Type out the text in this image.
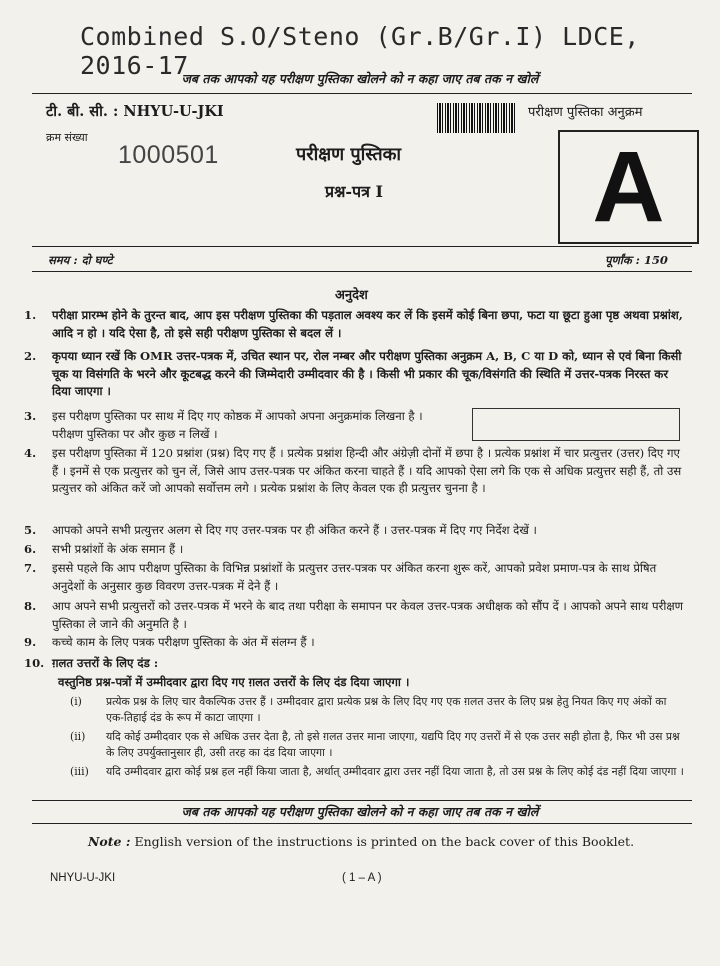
Combined S.O/Steno (Gr.B/Gr.I) LDCE, 2016-17
जब तक आपको यह परीक्षण पुस्तिका खोलने को न कहा जाए तब तक न खोलें
टी. बी. सी. : NHYU-U-JKI	परीक्षण पुस्तिका अनुक्रम
क्रम संख्या
1000501	परीक्षण पुस्तिका
प्रश्न-पत्र I A
समय : दो घण्टे	पूर्णांक : 150
अनुदेश
1. परीक्षा प्रारम्भ होने के तुरन्त बाद, आप इस परीक्षण पुस्तिका की पड़ताल अवश्य कर लें कि इसमें कोई बिना छपा, फटा या छूटा हुआ पृष्ठ अथवा प्रश्नांश, आदि न हो । यदि ऐसा है, तो इसे सही परीक्षण पुस्तिका से बदल लें ।
2. कृपया ध्यान रखें कि OMR उत्तर-पत्रक में, उचित स्थान पर, रोल नम्बर और परीक्षण पुस्तिका अनुक्रम A, B, C या D को, ध्यान से एवं बिना किसी चूक या विसंगति के भरने और कूटबद्ध करने की जिम्मेदारी उम्मीदवार की है । किसी भी प्रकार की चूक/विसंगति की स्थिति में उत्तर-पत्रक निरस्त कर दिया जाएगा ।
3. इस परीक्षण पुस्तिका पर साथ में दिए गए कोष्ठक में आपको अपना अनुक्रमांक लिखना है । परीक्षण पुस्तिका पर और कुछ न लिखें ।
4. इस परीक्षण पुस्तिका में 120 प्रश्नांश (प्रश्न) दिए गए हैं । प्रत्येक प्रश्नांश हिन्दी और अंग्रेज़ी दोनों में छपा है । प्रत्येक प्रश्नांश में चार प्रत्युत्तर (उत्तर) दिए गए हैं । इनमें से एक प्रत्युत्तर को चुन लें, जिसे आप उत्तर-पत्रक पर अंकित करना चाहते हैं । यदि आपको ऐसा लगे कि एक से अधिक प्रत्युत्तर सही हैं, तो उस प्रत्युत्तर को अंकित करें जो आपको सर्वोत्तम लगे । प्रत्येक प्रश्नांश के लिए केवल एक ही प्रत्युत्तर चुनना है ।
5. आपको अपने सभी प्रत्युत्तर अलग से दिए गए उत्तर-पत्रक पर ही अंकित करने हैं । उत्तर-पत्रक में दिए गए निर्देश देखें ।
6. सभी प्रश्नांशों के अंक समान हैं ।
7. इससे पहले कि आप परीक्षण पुस्तिका के विभिन्न प्रश्नांशों के प्रत्युत्तर उत्तर-पत्रक पर अंकित करना शुरू करें, आपको प्रवेश प्रमाण-पत्र के साथ प्रेषित अनुदेशों के अनुसार कुछ विवरण उत्तर-पत्रक में देने हैं ।
8. आप अपने सभी प्रत्युत्तरों को उत्तर-पत्रक में भरने के बाद तथा परीक्षा के समापन पर केवल उत्तर-पत्रक अधीक्षक को सौंप दें । आपको अपने साथ परीक्षण पुस्तिका ले जाने की अनुमति है ।
9. कच्चे काम के लिए पत्रक परीक्षण पुस्तिका के अंत में संलग्न हैं ।
10. ग़लत उत्तरों के लिए दंड :
वस्तुनिष्ठ प्रश्न-पत्रों में उम्मीदवार द्वारा दिए गए ग़लत उत्तरों के लिए दंड दिया जाएगा ।
(i) प्रत्येक प्रश्न के लिए चार वैकल्पिक उत्तर हैं । उम्मीदवार द्वारा प्रत्येक प्रश्न के लिए दिए गए एक ग़लत उत्तर के लिए प्रश्न हेतु नियत किए गए अंकों का एक-तिहाई दंड के रूप में काटा जाएगा ।
(ii) यदि कोई उम्मीदवार एक से अधिक उत्तर देता है, तो इसे ग़लत उत्तर माना जाएगा, यद्यपि दिए गए उत्तरों में से एक उत्तर सही होता है, फिर भी उस प्रश्न के लिए उपर्युक्तानुसार ही, उसी तरह का दंड दिया जाएगा ।
(iii) यदि उम्मीदवार द्वारा कोई प्रश्न हल नहीं किया जाता है, अर्थात् उम्मीदवार द्वारा उत्तर नहीं दिया जाता है, तो उस प्रश्न के लिए कोई दंड नहीं दिया जाएगा ।
जब तक आपको यह परीक्षण पुस्तिका खोलने को न कहा जाए तब तक न खोलें
Note : English version of the instructions is printed on the back cover of this Booklet.
NHYU-U-JKI	( 1 – A )
